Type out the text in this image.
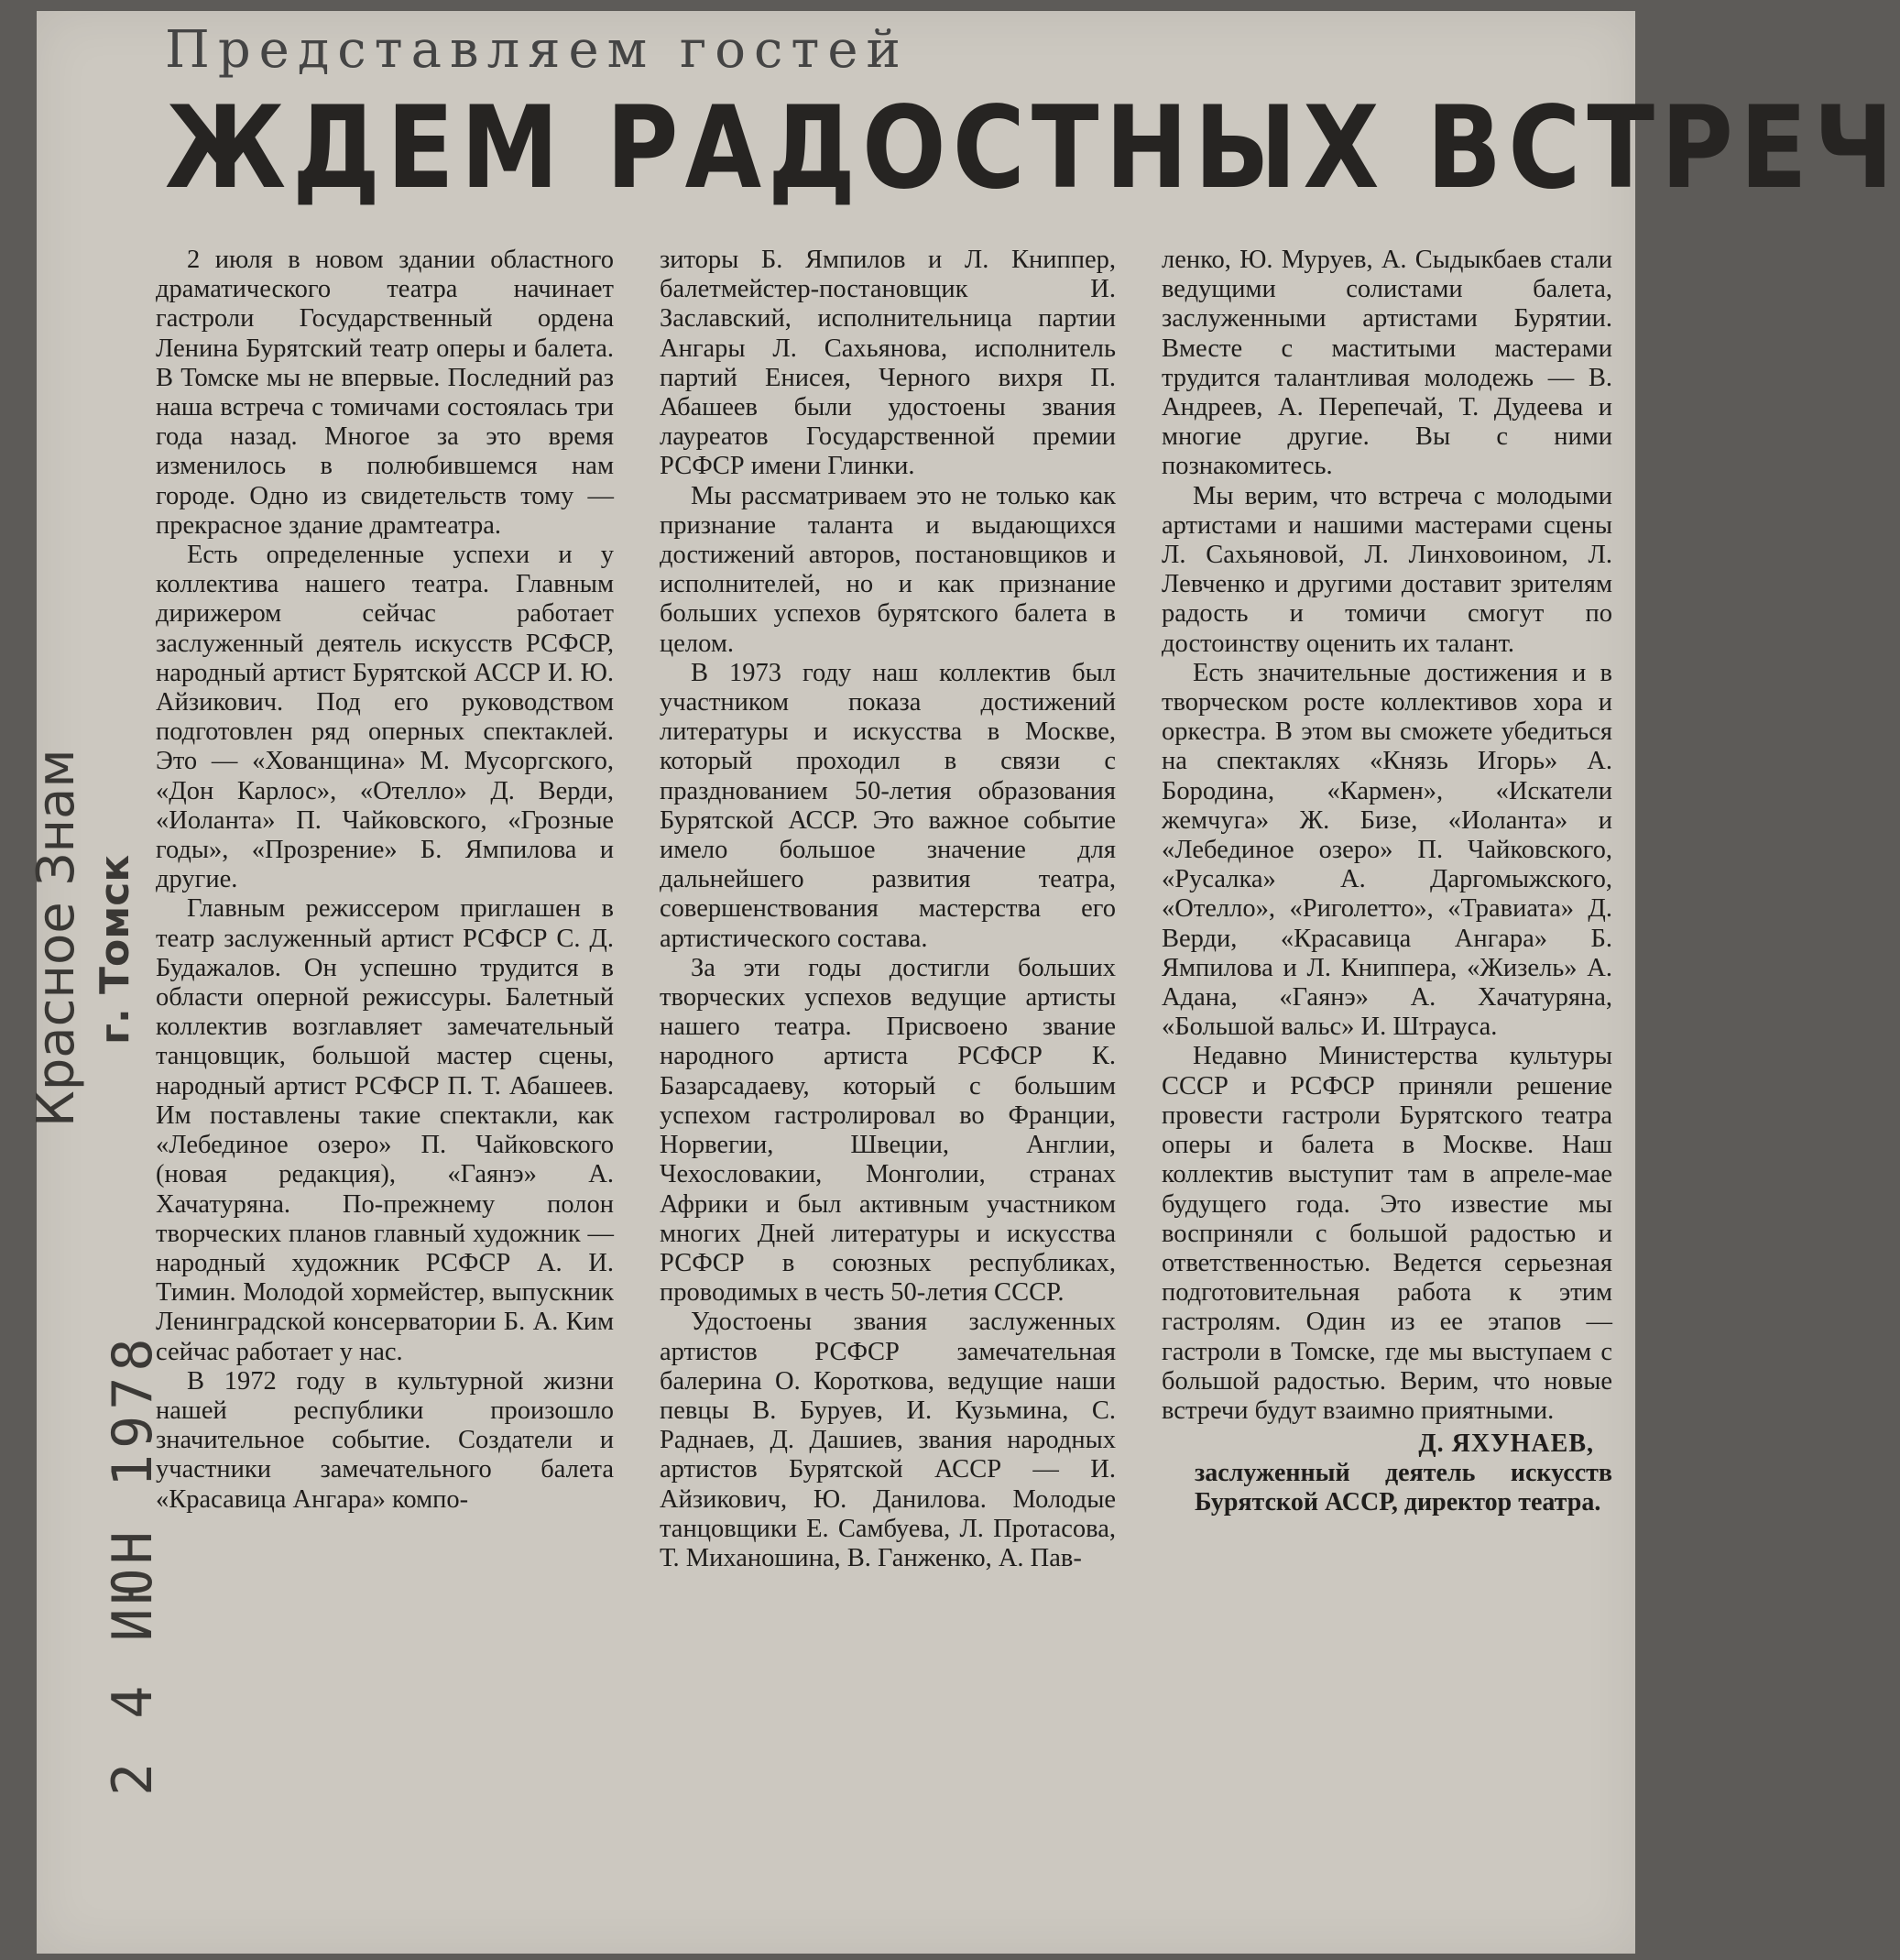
Представляем гостей
ЖДЕМ РАДОСТНЫХ ВСТРЕЧ

2 июля в новом здании областного драматического театра начинает гастроли Государственный ордена Ленина Бурятский театр оперы и балета. В Томске мы не впервые. Последний раз наша встреча с томичами состоялась три года назад. Многое за это время изменилось в полюбившемся нам городе. Одно из свидетельств тому — прекрасное здание драмтеатра.

Есть определенные успехи и у коллектива нашего театра. Главным дирижером сейчас работает заслуженный деятель искусств РСФСР, народный артист Бурятской АССР И. Ю. Айзикович. Под его руководством подготовлен ряд оперных спектаклей. Это — «Хованщина» М. Мусоргского, «Дон Карлос», «Отелло» Д. Верди, «Иоланта» П. Чайковского, «Грозные годы», «Прозрение» Б. Ямпилова и другие.

Главным режиссером приглашен в театр заслуженный артист РСФСР С. Д. Будажалов. Он успешно трудится в области оперной режиссуры. Балетный коллектив возглавляет замечательный танцовщик, большой мастер сцены, народный артист РСФСР П. Т. Абашеев. Им поставлены такие спектакли, как «Лебединое озеро» П. Чайковского (новая редакция), «Гаянэ» А. Хачатуряна. По-прежнему полон творческих планов главный художник — народный художник РСФСР А. И. Тимин. Молодой хормейстер, выпускник Ленинградской консерватории Б. А. Ким сейчас работает у нас.

В 1972 году в культурной жизни нашей республики произошло значительное событие. Создатели и участники замечательного балета «Красавица Ангара» компо-

зиторы Б. Ямпилов и Л. Книппер, балетмейстер-постановщик И. Заславский, исполнительница партии Ангары Л. Сахьянова, исполнитель партий Енисея, Черного вихря П. Абашеев были удостоены звания лауреатов Государственной премии РСФСР имени Глинки.

Мы рассматриваем это не только как признание таланта и выдающихся достижений авторов, постановщиков и исполнителей, но и как признание больших успехов бурятского балета в целом.

В 1973 году наш коллектив был участником показа достижений литературы и искусства в Москве, который проходил в связи с празднованием 50-летия образования Бурятской АССР. Это важное событие имело большое значение для дальнейшего развития театра, совершенствования мастерства его артистического состава.

За эти годы достигли больших творческих успехов ведущие артисты нашего театра. Присвоено звание народного артиста РСФСР К. Базарсадаеву, который с большим успехом гастролировал во Франции, Норвегии, Швеции, Англии, Чехословакии, Монголии, странах Африки и был активным участником многих Дней литературы и искусства РСФСР в союзных республиках, проводимых в честь 50-летия СССР.

Удостоены звания заслуженных артистов РСФСР замечательная балерина О. Короткова, ведущие наши певцы В. Буруев, И. Кузьмина, С. Раднаев, Д. Дашиев, звания народных артистов Бурятской АССР — И. Айзикович, Ю. Данилова. Молодые танцовщики Е. Самбуева, Л. Протасова, Т. Миханошина, В. Ганженко, А. Пав-

ленко, Ю. Муруев, А. Сыдыкбаев стали ведущими солистами балета, заслуженными артистами Бурятии. Вместе с маститыми мастерами трудится талантливая молодежь — В. Андреев, А. Перепечай, Т. Дудеева и многие другие. Вы с ними познакомитесь.

Мы верим, что встреча с молодыми артистами и нашими мастерами сцены Л. Сахьяновой, Л. Линховоином, Л. Левченко и другими доставит зрителям радость и томичи смогут по достоинству оценить их талант.

Есть значительные достижения и в творческом росте коллективов хора и оркестра. В этом вы сможете убедиться на спектаклях «Князь Игорь» А. Бородина, «Кармен», «Искатели жемчуга» Ж. Бизе, «Иоланта» и «Лебединое озеро» П. Чайковского, «Русалка» А. Даргомыжского, «Отелло», «Риголетто», «Травиата» Д. Верди, «Красавица Ангара» Б. Ямпилова и Л. Книппера, «Жизель» А. Адана, «Гаянэ» А. Хачатуряна, «Большой вальс» И. Штрауса.

Недавно Министерства культуры СССР и РСФСР приняли решение провести гастроли Бурятского театра оперы и балета в Москве. Наш коллектив выступит там в апреле-мае будущего года. Это известие мы восприняли с большой радостью и ответственностью. Ведется серьезная подготовительная работа к этим гастролям. Один из ее этапов — гастроли в Томске, где мы выступаем с большой радостью. Верим, что новые встречи будут взаимно приятными.

Д. ЯХУНАЕВ,
заслуженный деятель искусств Бурятской АССР, директор театра.
Красное Знам г. Томск
2 4 ИЮН 1978
